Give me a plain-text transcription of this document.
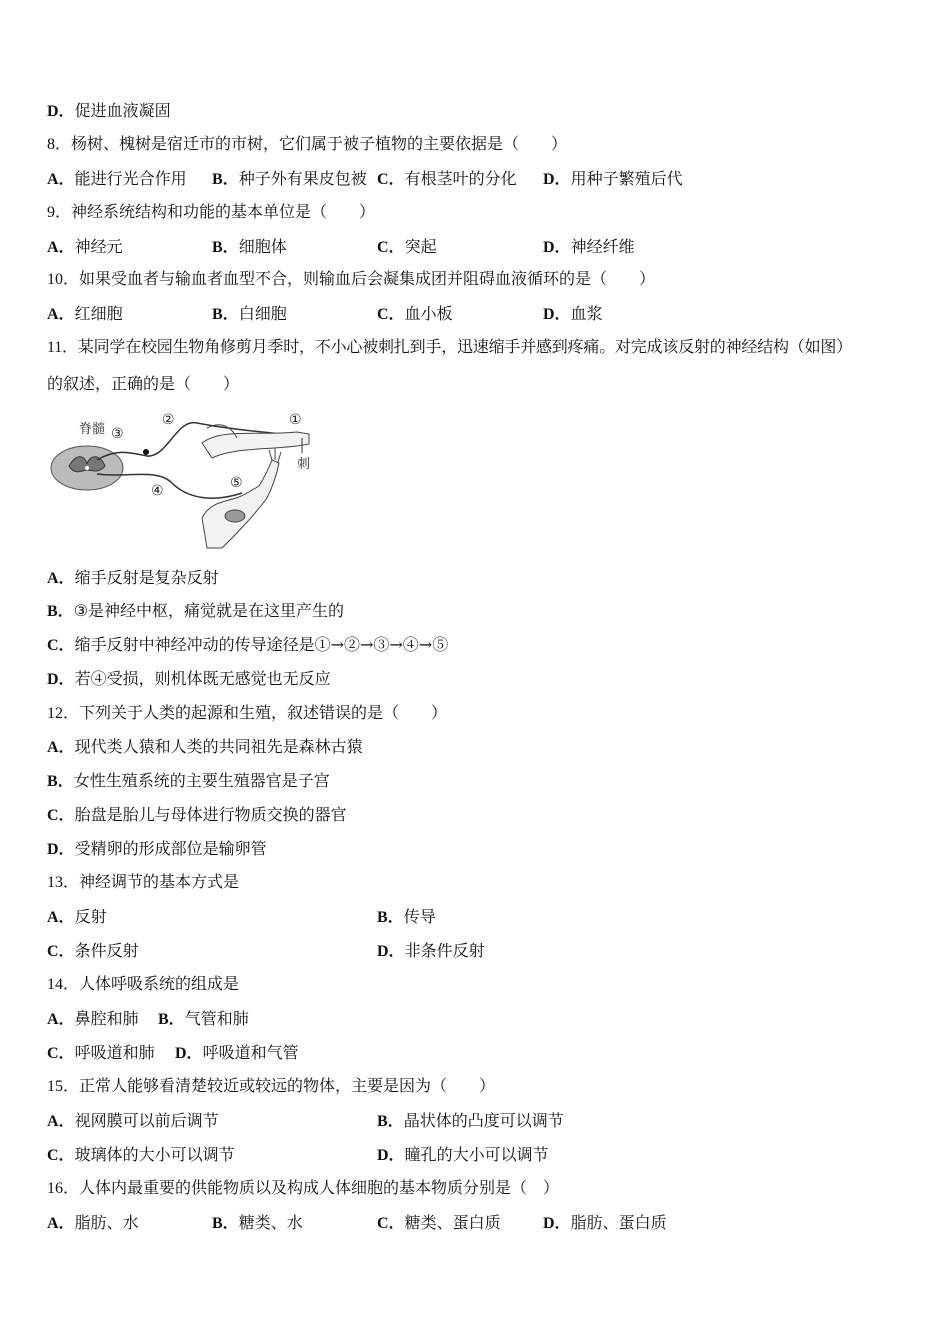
D．促进血液凝固
8．杨树、槐树是宿迁市的市树，它们属于被子植物的主要依据是（　　）
A．能进行光合作用 B．种子外有果皮包被 C．有根茎叶的分化 D．用种子繁殖后代
9．神经系统结构和功能的基本单位是（　　）
A．神经元	B．细胞体	C．突起	D．神经纤维
10．如果受血者与输血者血型不合，则输血后会凝集成团并阻碍血液循环的是（　　）
A．红细胞	B．白细胞	C．血小板	D．血浆
11．某同学在校园生物角修剪月季时，不小心被刺扎到手，迅速缩手并感到疼痛。对完成该反射的神经结构（如图）
的叙述，正确的是（　　）
脊髓 ③
②	①
④	⑤
刺
A．缩手反射是复杂反射
B．③是神经中枢，痛觉就是在这里产生的
C．缩手反射中神经冲动的传导途径是①→②→③→④→⑤
D．若④受损，则机体既无感觉也无反应
12．下列关于人类的起源和生殖，叙述错误的是（　　）
A．现代类人猿和人类的共同祖先是森林古猿
B．女性生殖系统的主要生殖器官是子宫
C．胎盘是胎儿与母体进行物质交换的器官
D．受精卵的形成部位是输卵管
13．神经调节的基本方式是
A．反射	B．传导
C．条件反射	D．非条件反射
14．人体呼吸系统的组成是
A．鼻腔和肺 B．气管和肺
C．呼吸道和肺 D．呼吸道和气管
15．正常人能够看清楚较近或较远的物体，主要是因为（　　）
A．视网膜可以前后调节	B．晶状体的凸度可以调节
C．玻璃体的大小可以调节	D．瞳孔的大小可以调节
16．人体内最重要的供能物质以及构成人体细胞的基本物质分别是（　）
A．脂肪、水	B．糖类、水	C．糖类、蛋白质	D．脂肪、蛋白质
